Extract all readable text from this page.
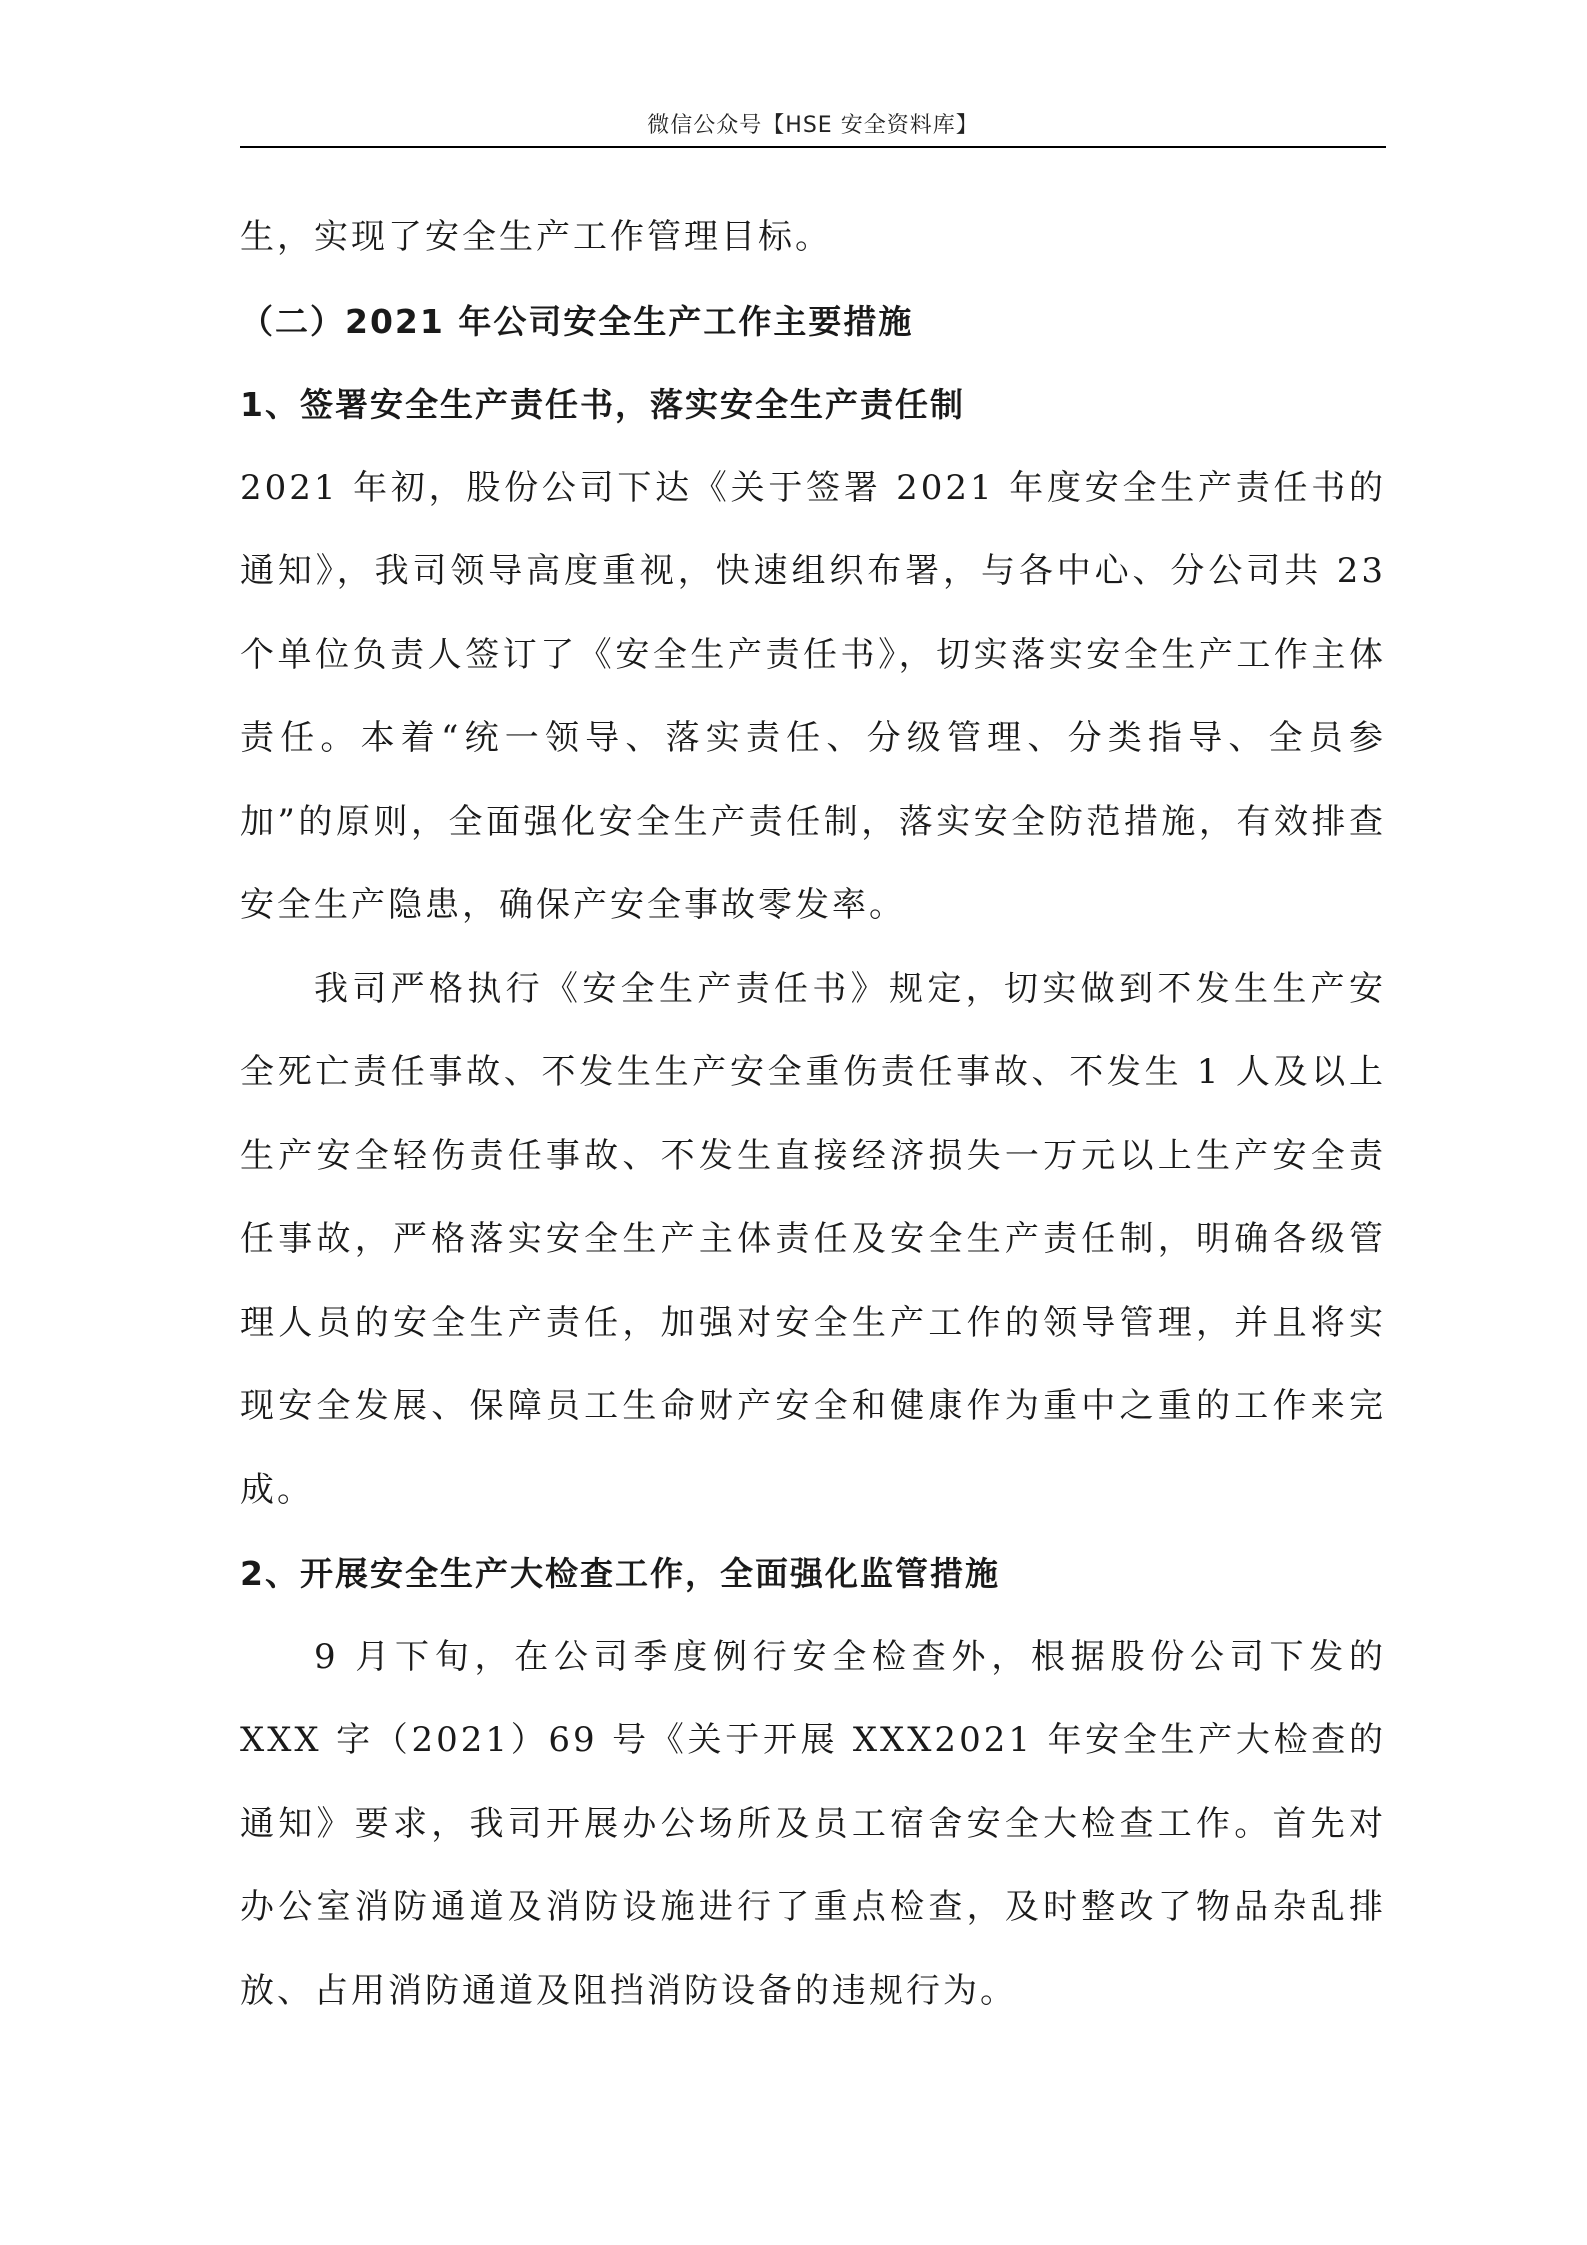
微信公众号【HSE 安全资料库】

生，实现了安全生产工作管理目标。

（二）2021 年公司安全生产工作主要措施

1、签署安全生产责任书，落实安全生产责任制

2021 年初，股份公司下达《关于签署 2021 年度安全生产责任书的通知》，我司领导高度重视，快速组织布署，与各中心、分公司共 23 个单位负责人签订了《安全生产责任书》，切实落实安全生产工作主体责任。本着“统一领导、落实责任、分级管理、分类指导、全员参加”的原则，全面强化安全生产责任制，落实安全防范措施，有效排查安全生产隐患，确保产安全事故零发率。

我司严格执行《安全生产责任书》规定，切实做到不发生生产安全死亡责任事故、不发生生产安全重伤责任事故、不发生 1 人及以上生产安全轻伤责任事故、不发生直接经济损失一万元以上生产安全责任事故，严格落实安全生产主体责任及安全生产责任制，明确各级管理人员的安全生产责任，加强对安全生产工作的领导管理，并且将实现安全发展、保障员工生命财产安全和健康作为重中之重的工作来完成。

2、开展安全生产大检查工作，全面强化监管措施

9 月下旬，在公司季度例行安全检查外，根据股份公司下发的 XXX 字（2021）69 号《关于开展 XXX2021 年安全生产大检查的通知》要求，我司开展办公场所及员工宿舍安全大检查工作。首先对办公室消防通道及消防设施进行了重点检查，及时整改了物品杂乱排放、占用消防通道及阻挡消防设备的违规行为。
